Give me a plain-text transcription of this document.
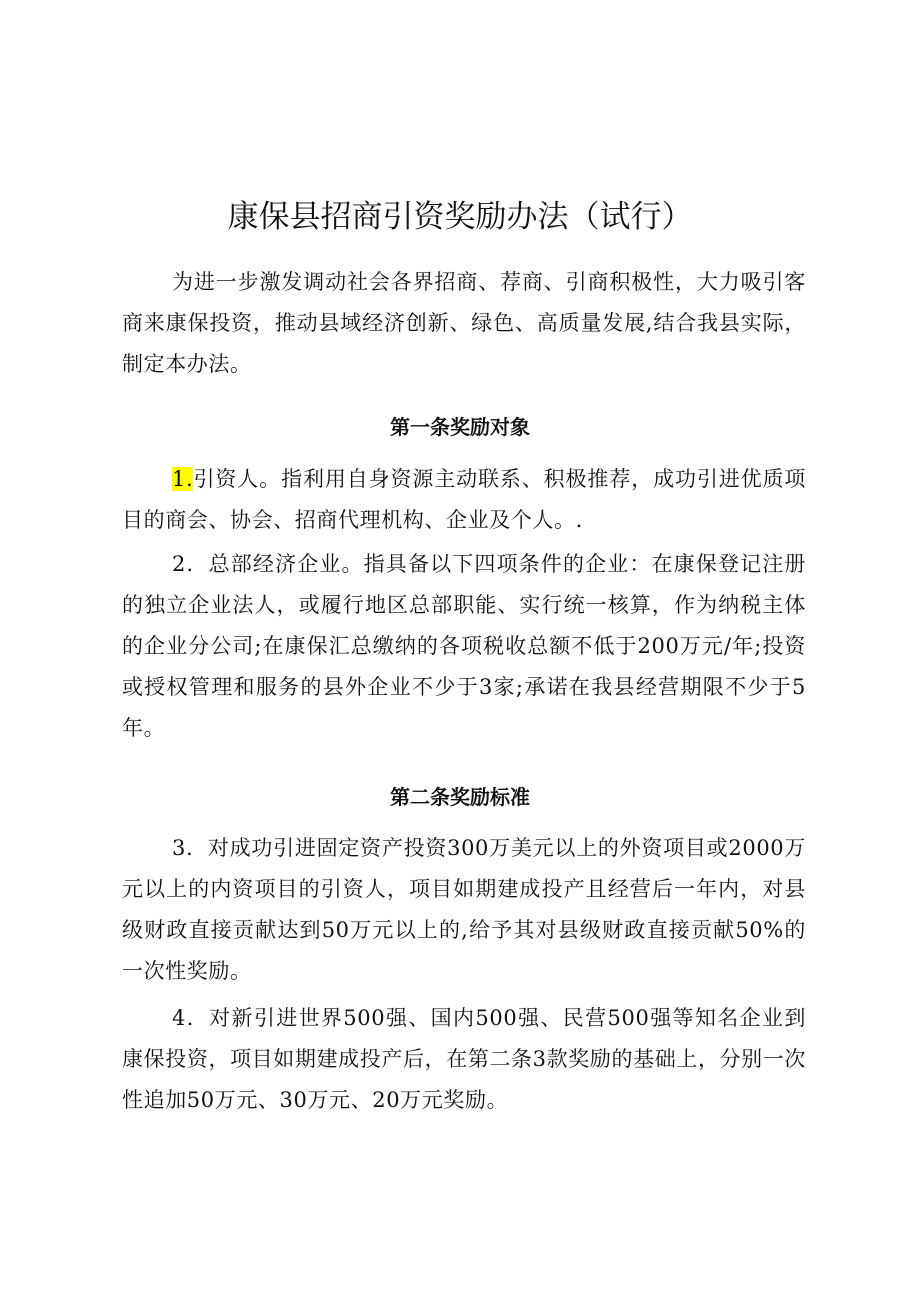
康保县招商引资奖励办法（试行）

为进一步激发调动社会各界招商、荐商、引商积极性，大力吸引客商来康保投资，推动县域经济创新、绿色、高质量发展,结合我县实际，制定本办法。

第一条奖励对象

1.引资人。指利用自身资源主动联系、积极推荐，成功引进优质项目的商会、协会、招商代理机构、企业及个人。.

2．总部经济企业。指具备以下四项条件的企业：在康保登记注册的独立企业法人，或履行地区总部职能、实行统一核算，作为纳税主体的企业分公司;在康保汇总缴纳的各项税收总额不低于200万元/年;投资或授权管理和服务的县外企业不少于3家;承诺在我县经营期限不少于5年。

第二条奖励标准

3．对成功引进固定资产投资300万美元以上的外资项目或2000万元以上的内资项目的引资人，项目如期建成投产且经营后一年内，对县级财政直接贡献达到50万元以上的,给予其对县级财政直接贡献50%的一次性奖励。

4．对新引进世界500强、国内500强、民营500强等知名企业到康保投资，项目如期建成投产后，在第二条3款奖励的基础上，分别一次性追加50万元、30万元、20万元奖励。
